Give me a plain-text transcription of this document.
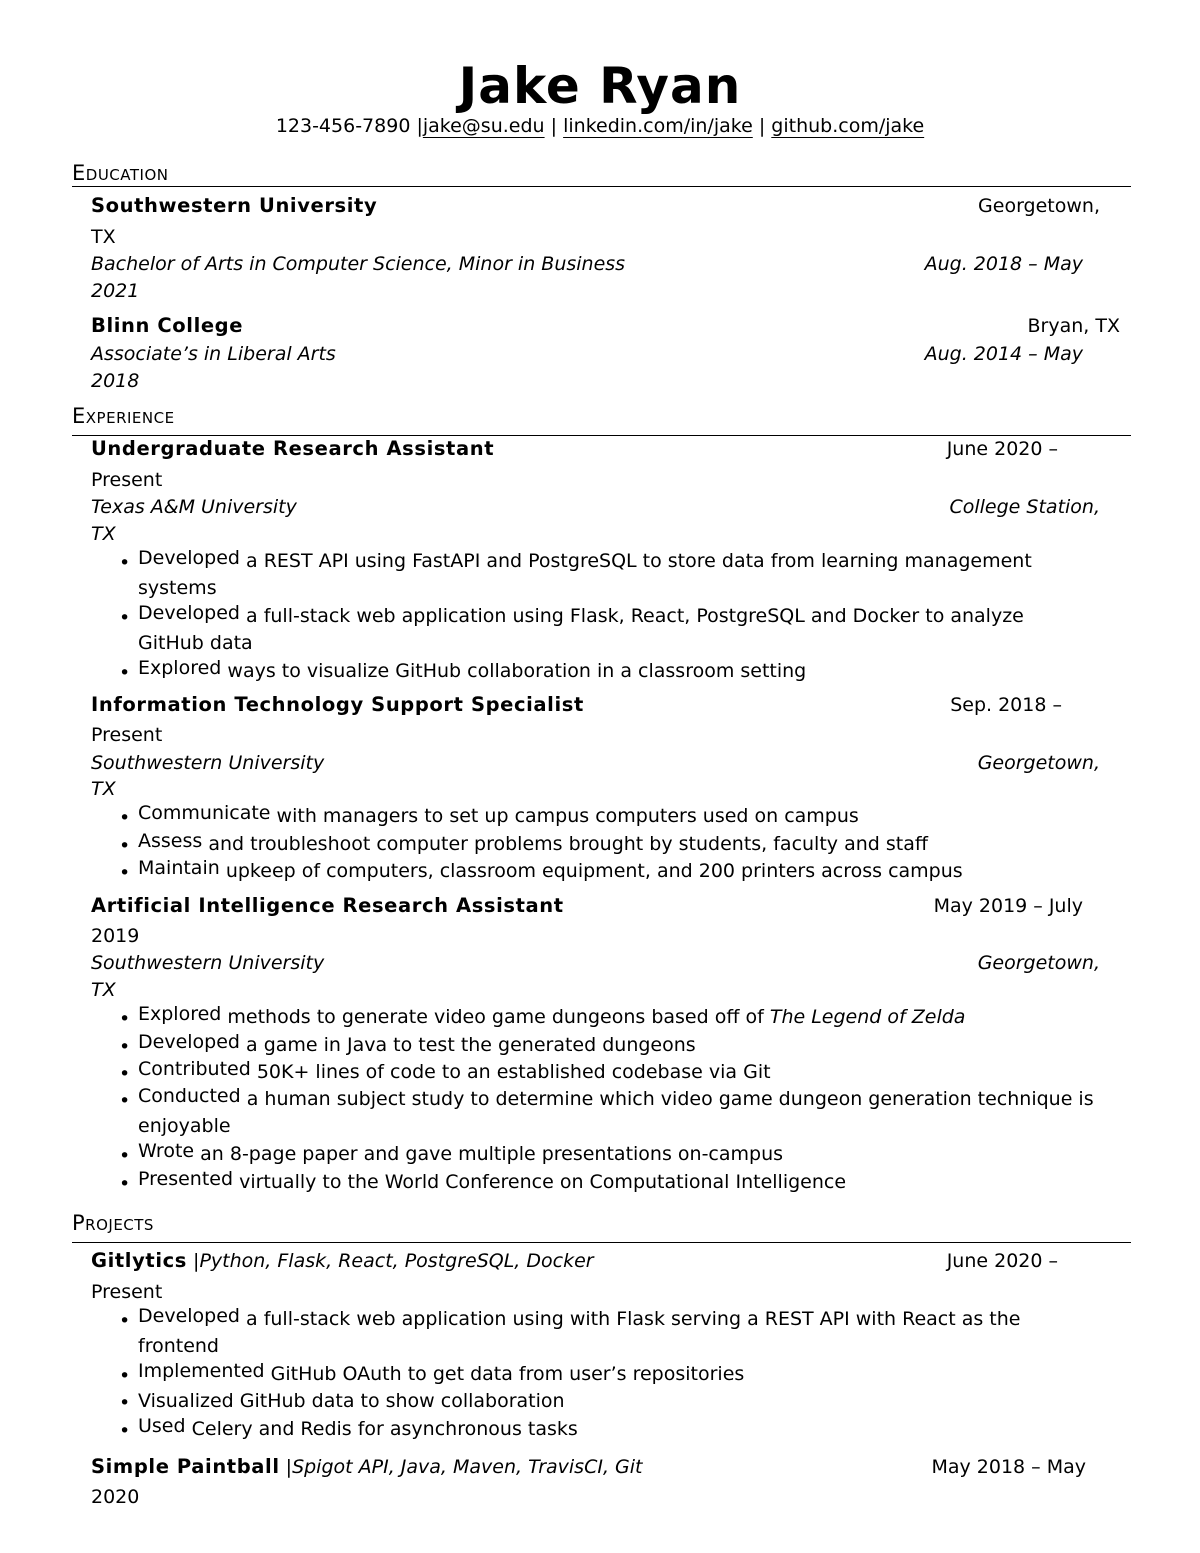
Jake Ryan
123-456-7890 |jake@su.edu | linkedin.com/in/jake | github.com/jake
Education
Southwestern University	Georgetown,
TX
Bachelor of Arts in Computer Science, Minor in Business	Aug. 2018 – May
2021
Blinn College	Bryan, TX
Associate’s in Liberal Arts	Aug. 2014 – May
2018
Experience
Undergraduate Research Assistant	June 2020 –
Present
Texas A&M University	College Station,
TX
• Developed a REST API using FastAPI and PostgreSQL to store data from learning management
systems
• Developed a full-stack web application using Flask, React, PostgreSQL and Docker to analyze
GitHub data
• Explored ways to visualize GitHub collaboration in a classroom setting
Information Technology Support Specialist	Sep. 2018 –
Present
Southwestern University	Georgetown,
TX
• Communicate with managers to set up campus computers used on campus
• Assess and troubleshoot computer problems brought by students, faculty and staff
• Maintain upkeep of computers, classroom equipment, and 200 printers across campus
Artificial Intelligence Research Assistant	May 2019 – July
2019
Southwestern University	Georgetown,
TX
• Explored methods to generate video game dungeons based off of The Legend of Zelda
• Developed a game in Java to test the generated dungeons
• Contributed 50K+ lines of code to an established codebase via Git
• Conducted a human subject study to determine which video game dungeon generation technique is
enjoyable
• Wrote an 8-page paper and gave multiple presentations on-campus
• Presented virtually to the World Conference on Computational Intelligence
Projects
Gitlytics |Python, Flask, React, PostgreSQL, Docker	June 2020 –
Present
• Developed a full-stack web application using with Flask serving a REST API with React as the
frontend
• Implemented GitHub OAuth to get data from user’s repositories
• Visualized GitHub data to show collaboration
• Used Celery and Redis for asynchronous tasks
Simple Paintball |Spigot API, Java, Maven, TravisCI, Git	May 2018 – May
2020
